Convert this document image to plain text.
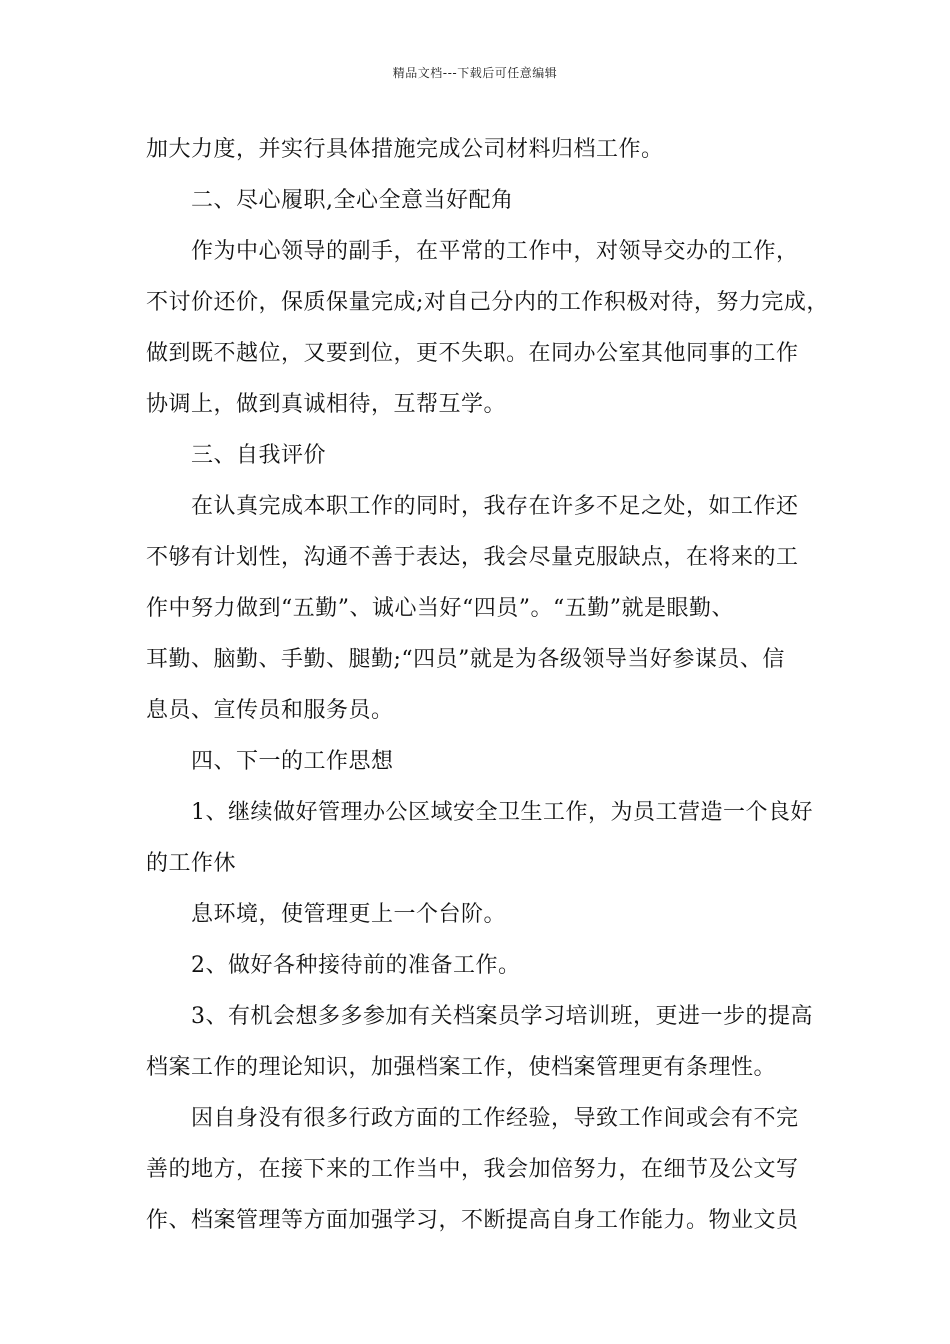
精品文档---下载后可任意编辑
加大力度，并实行具体措施完成公司材料归档工作。
二、尽心履职,全心全意当好配角
作为中心领导的副手，在平常的工作中，对领导交办的工作，
不讨价还价，保质保量完成;对自己分内的工作积极对待，努力完成，
做到既不越位，又要到位，更不失职。在同办公室其他同事的工作
协调上，做到真诚相待，互帮互学。
三、自我评价
在认真完成本职工作的同时，我存在许多不足之处，如工作还
不够有计划性，沟通不善于表达，我会尽量克服缺点，在将来的工
作中努力做到“五勤”、诚心当好“四员”。“五勤”就是眼勤、
耳勤、脑勤、手勤、腿勤;“四员”就是为各级领导当好参谋员、信
息员、宣传员和服务员。
四、下一的工作思想
1、继续做好管理办公区域安全卫生工作，为员工营造一个良好
的工作休
息环境，使管理更上一个台阶。
2、做好各种接待前的准备工作。
3、有机会想多多参加有关档案员学习培训班，更进一步的提高
档案工作的理论知识，加强档案工作，使档案管理更有条理性。
因自身没有很多行政方面的工作经验，导致工作间或会有不完
善的地方，在接下来的工作当中，我会加倍努力，在细节及公文写
作、档案管理等方面加强学习，不断提高自身工作能力。物业文员
